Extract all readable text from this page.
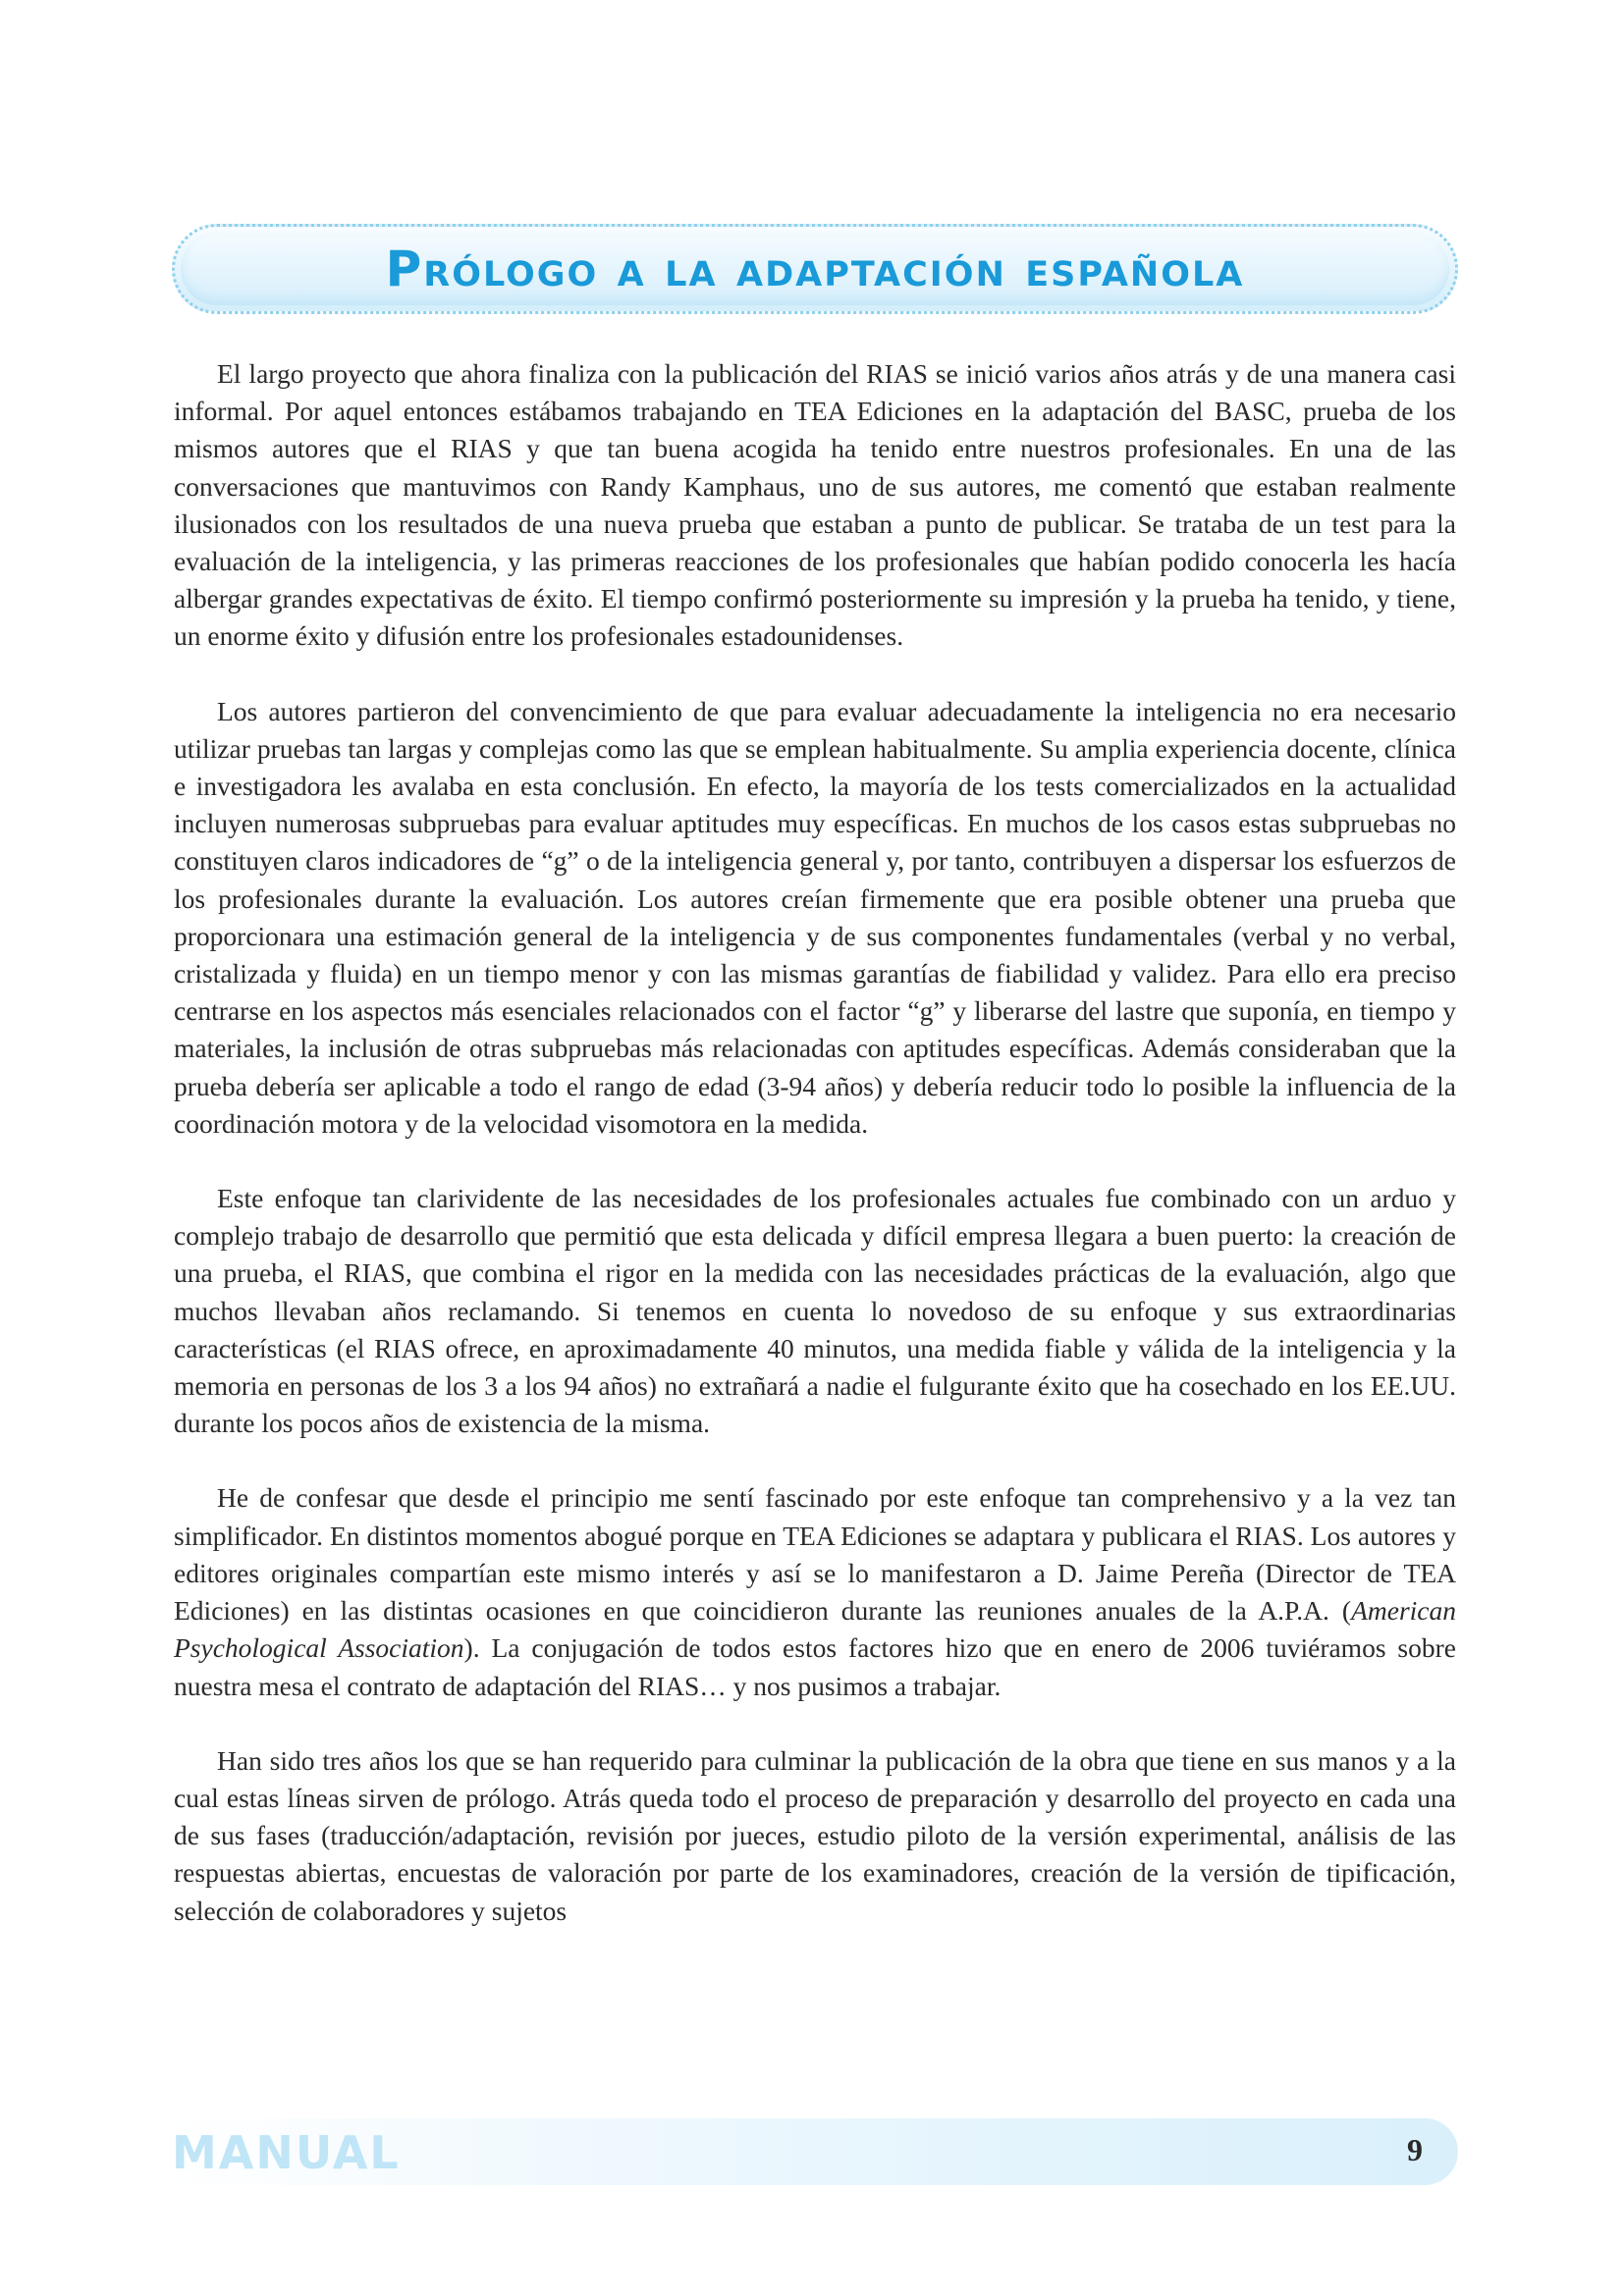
Prólogo a la adaptación española

El largo proyecto que ahora finaliza con la publicación del RIAS se inició varios años atrás y de una manera casi informal. Por aquel entonces estábamos trabajando en TEA Ediciones en la adaptación del BASC, prueba de los mismos autores que el RIAS y que tan buena acogida ha tenido entre nuestros profesionales. En una de las conversaciones que mantuvimos con Randy Kamphaus, uno de sus autores, me comentó que estaban realmente ilusionados con los resultados de una nueva prueba que estaban a punto de publicar. Se trataba de un test para la evaluación de la inteligencia, y las primeras reacciones de los profesionales que habían podido conocerla les hacía albergar grandes expectativas de éxito. El tiempo confirmó posteriormente su impresión y la prueba ha tenido, y tiene, un enorme éxito y difusión entre los profesionales estadounidenses.

Los autores partieron del convencimiento de que para evaluar adecuadamente la inteligencia no era necesario utilizar pruebas tan largas y complejas como las que se emplean habitualmente. Su amplia experiencia docente, clínica e investigadora les avalaba en esta conclusión. En efecto, la mayoría de los tests comercializados en la actualidad incluyen numerosas subpruebas para evaluar aptitudes muy específicas. En muchos de los casos estas subpruebas no constituyen claros indicadores de “g” o de la inteligencia general y, por tanto, contribuyen a dispersar los esfuerzos de los profesionales durante la evaluación. Los autores creían firmemente que era posible obtener una prueba que proporcionara una estimación general de la inteligencia y de sus componentes fundamentales (verbal y no verbal, cristalizada y fluida) en un tiempo menor y con las mismas garantías de fiabilidad y validez. Para ello era preciso centrarse en los aspectos más esenciales relacionados con el factor “g” y liberarse del lastre que suponía, en tiempo y materiales, la inclusión de otras subpruebas más relacionadas con aptitudes específicas. Además consideraban que la prueba debería ser aplicable a todo el rango de edad (3-94 años) y debería reducir todo lo posible la influencia de la coordinación motora y de la velocidad visomotora en la medida.

Este enfoque tan clarividente de las necesidades de los profesionales actuales fue combinado con un arduo y complejo trabajo de desarrollo que permitió que esta delicada y difícil empresa llegara a buen puerto: la creación de una prueba, el RIAS, que combina el rigor en la medida con las necesidades prácticas de la evaluación, algo que muchos llevaban años reclamando. Si tenemos en cuenta lo novedoso de su enfoque y sus extraordinarias características (el RIAS ofrece, en aproximadamente 40 minutos, una medida fiable y válida de la inteligencia y la memoria en personas de los 3 a los 94 años) no extrañará a nadie el fulgurante éxito que ha cosechado en los EE.UU. durante los pocos años de existencia de la misma.

He de confesar que desde el principio me sentí fascinado por este enfoque tan comprehensivo y a la vez tan simplificador. En distintos momentos abogué porque en TEA Ediciones se adaptara y publicara el RIAS. Los autores y editores originales compartían este mismo interés y así se lo manifestaron a D. Jaime Pereña (Director de TEA Ediciones) en las distintas ocasiones en que coincidieron durante las reuniones anuales de la A.P.A. (American Psychological Association). La conjugación de todos estos factores hizo que en enero de 2006 tuviéramos sobre nuestra mesa el contrato de adaptación del RIAS… y nos pusimos a trabajar.

Han sido tres años los que se han requerido para culminar la publicación de la obra que tiene en sus manos y a la cual estas líneas sirven de prólogo. Atrás queda todo el proceso de preparación y desarrollo del proyecto en cada una de sus fases (traducción/adaptación, revisión por jueces, estudio piloto de la versión experimental, análisis de las respuestas abiertas, encuestas de valoración por parte de los examinadores, creación de la versión de tipificación, selección de colaboradores y sujetos

MANUAL	9
